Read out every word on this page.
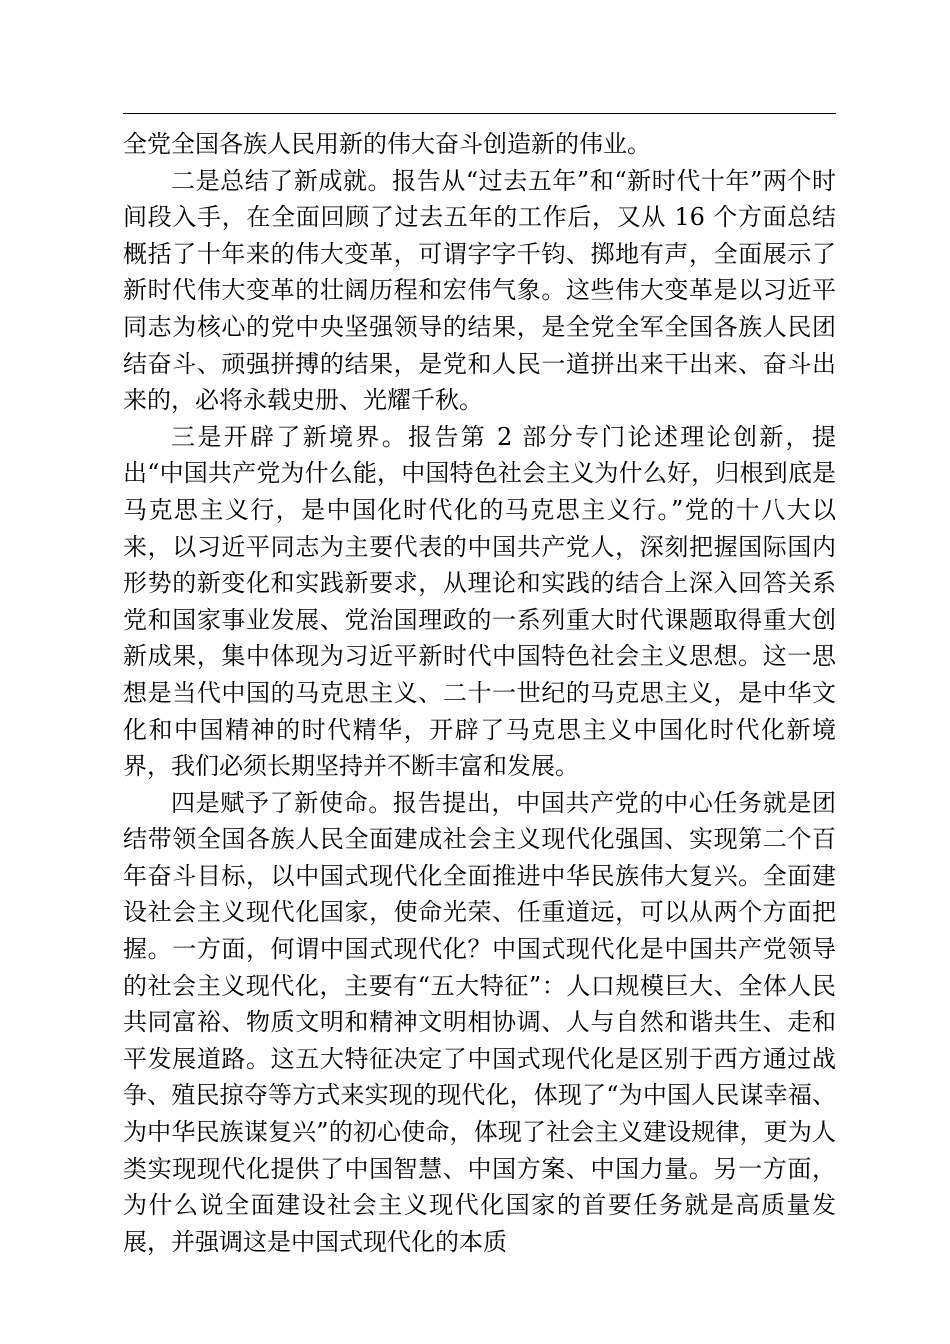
全党全国各族人民用新的伟大奋斗创造新的伟业。

二是总结了新成就。报告从“过去五年”和“新时代十年”两个时间段入手，在全面回顾了过去五年的工作后，又从 16 个方面总结概括了十年来的伟大变革，可谓字字千钧、掷地有声，全面展示了新时代伟大变革的壮阔历程和宏伟气象。这些伟大变革是以习近平同志为核心的党中央坚强领导的结果，是全党全军全国各族人民团结奋斗、顽强拼搏的结果，是党和人民一道拼出来干出来、奋斗出来的，必将永载史册、光耀千秋。

三是开辟了新境界。报告第 2 部分专门论述理论创新，提出“中国共产党为什么能，中国特色社会主义为什么好，归根到底是马克思主义行，是中国化时代化的马克思主义行。”党的十八大以来，以习近平同志为主要代表的中国共产党人，深刻把握国际国内形势的新变化和实践新要求，从理论和实践的结合上深入回答关系党和国家事业发展、党治国理政的一系列重大时代课题取得重大创新成果，集中体现为习近平新时代中国特色社会主义思想。这一思想是当代中国的马克思主义、二十一世纪的马克思主义，是中华文化和中国精神的时代精华，开辟了马克思主义中国化时代化新境界，我们必须长期坚持并不断丰富和发展。

四是赋予了新使命。报告提出，中国共产党的中心任务就是团结带领全国各族人民全面建成社会主义现代化强国、实现第二个百年奋斗目标，以中国式现代化全面推进中华民族伟大复兴。全面建设社会主义现代化国家，使命光荣、任重道远，可以从两个方面把握。一方面，何谓中国式现代化？中国式现代化是中国共产党领导的社会主义现代化，主要有“五大特征”：人口规模巨大、全体人民共同富裕、物质文明和精神文明相协调、人与自然和谐共生、走和平发展道路。这五大特征决定了中国式现代化是区别于西方通过战争、殖民掠夺等方式来实现的现代化，体现了“为中国人民谋幸福、为中华民族谋复兴”的初心使命，体现了社会主义建设规律，更为人类实现现代化提供了中国智慧、中国方案、中国力量。另一方面，为什么说全面建设社会主义现代化国家的首要任务就是高质量发展，并强调这是中国式现代化的本质
